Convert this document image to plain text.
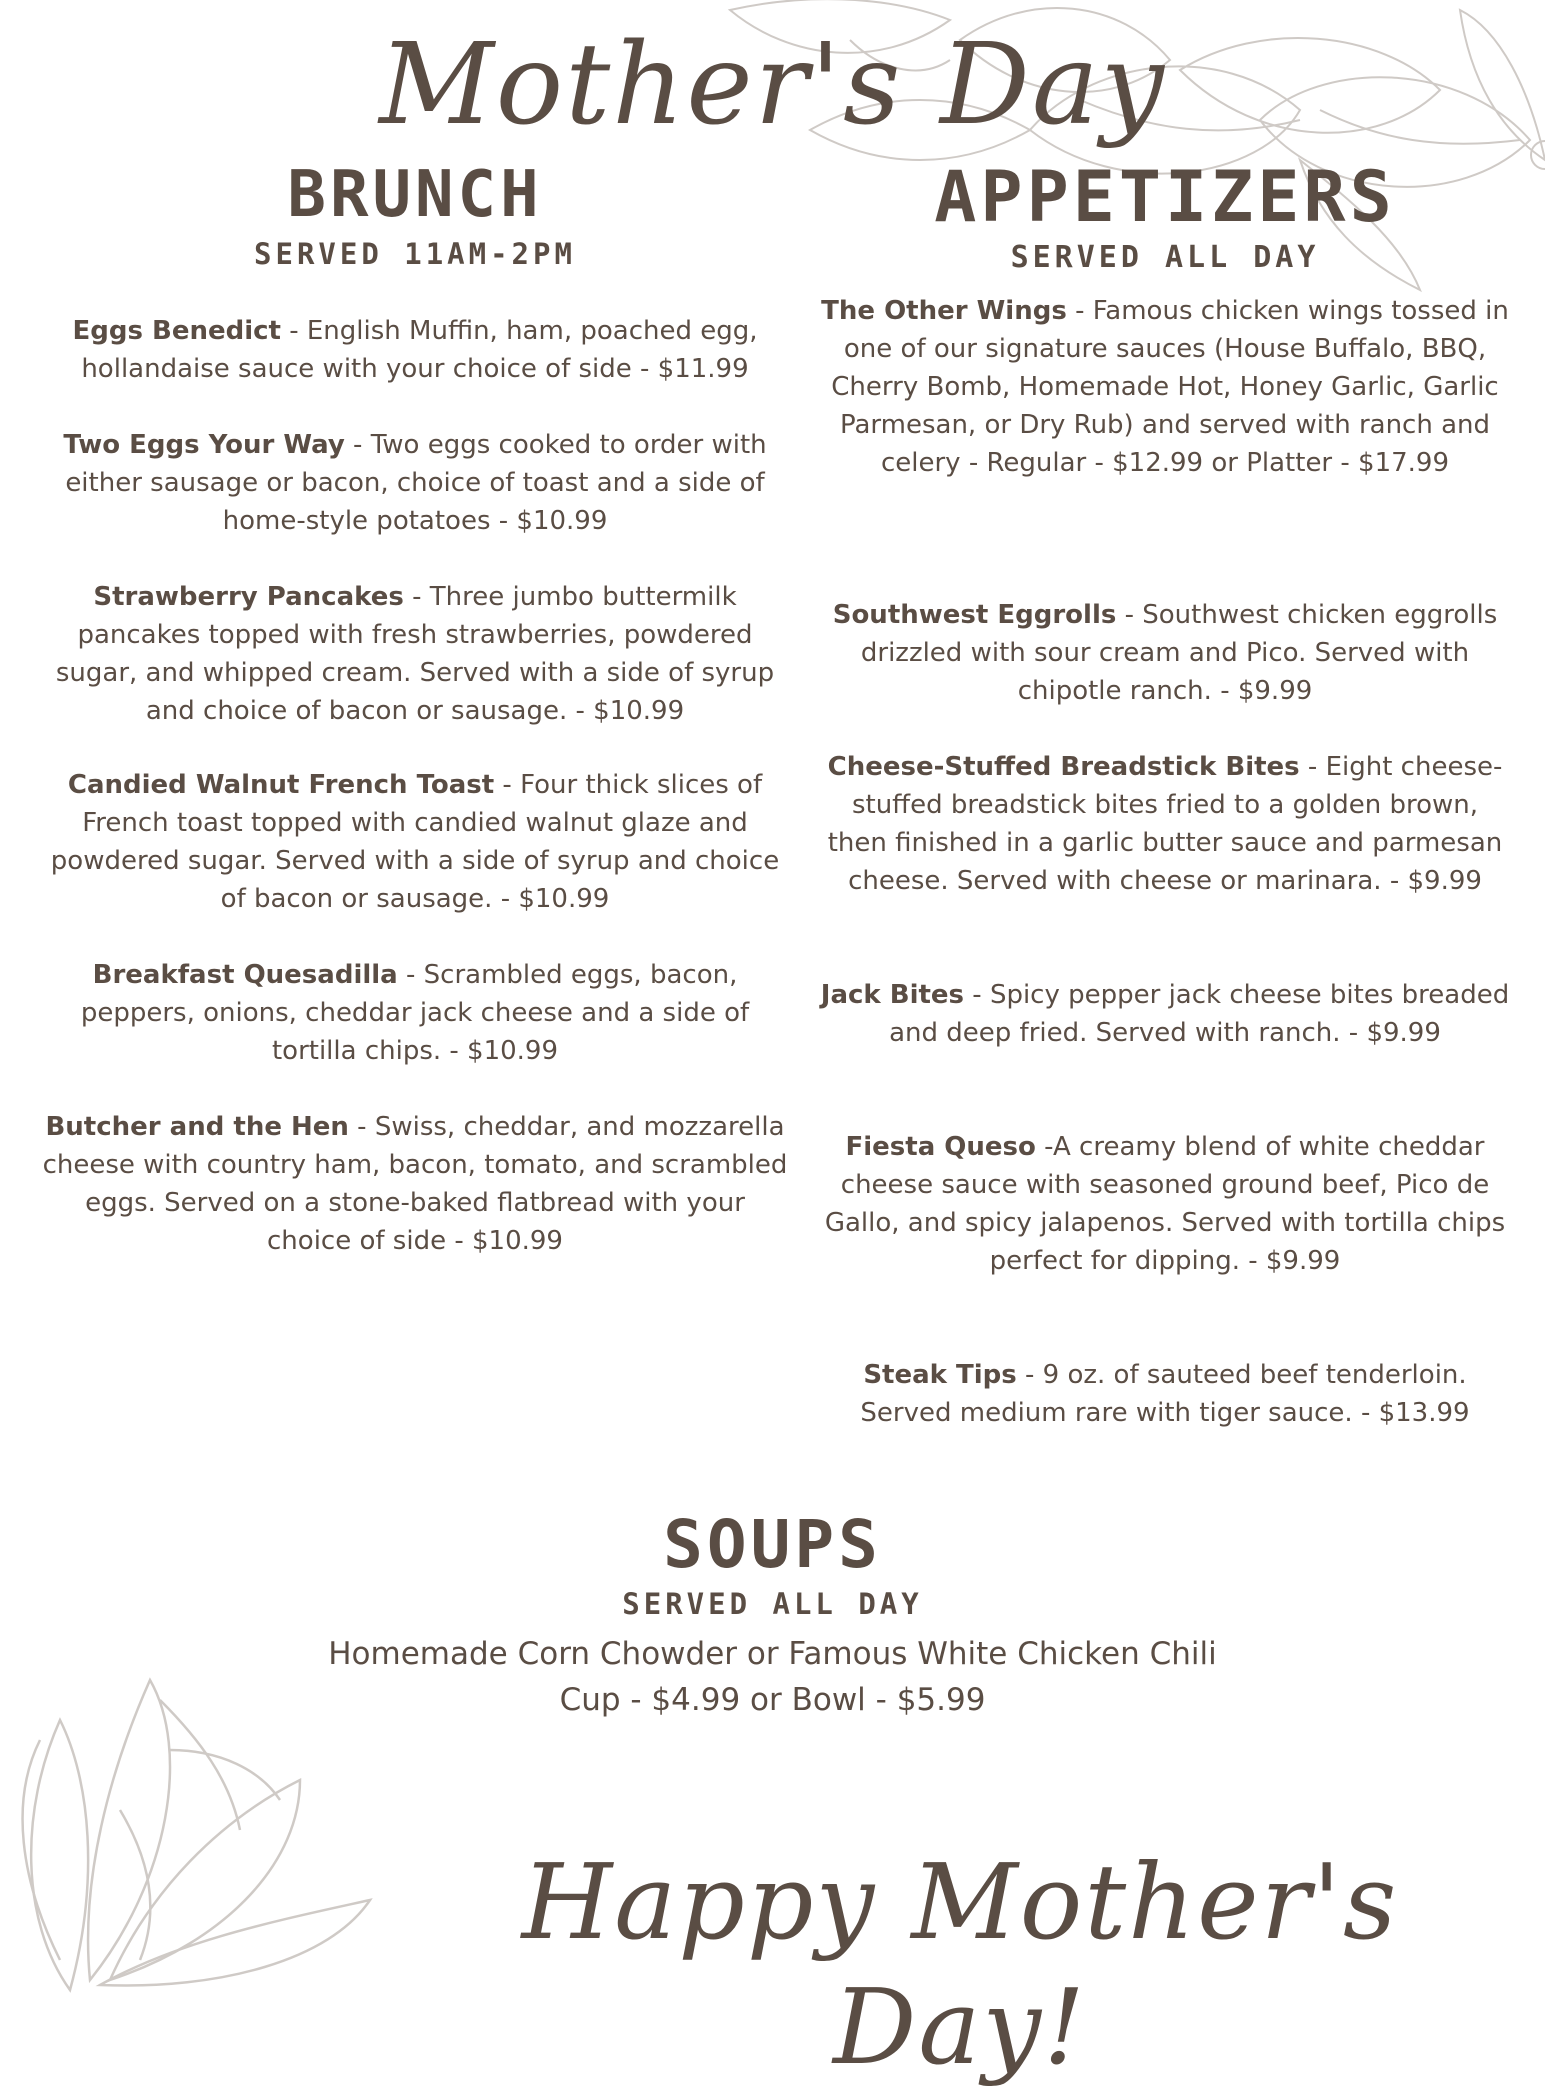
Mother's Day
BRUNCH
SERVED 11AM-2PM

Eggs Benedict - English Muffin, ham, poached egg, hollandaise sauce with your choice of side - $11.99

Two Eggs Your Way - Two eggs cooked to order with either sausage or bacon, choice of toast and a side of home-style potatoes - $10.99

Strawberry Pancakes - Three jumbo buttermilk pancakes topped with fresh strawberries, powdered sugar, and whipped cream. Served with a side of syrup and choice of bacon or sausage. - $10.99

Candied Walnut French Toast - Four thick slices of French toast topped with candied walnut glaze and powdered sugar. Served with a side of syrup and choice of bacon or sausage. - $10.99

Breakfast Quesadilla - Scrambled eggs, bacon, peppers, onions, cheddar jack cheese and a side of tortilla chips. - $10.99

Butcher and the Hen - Swiss, cheddar, and mozzarella cheese with country ham, bacon, tomato, and scrambled eggs. Served on a stone-baked flatbread with your choice of side - $10.99

APPETIZERS
SERVED ALL DAY

The Other Wings - Famous chicken wings tossed in one of our signature sauces (House Buffalo, BBQ, Cherry Bomb, Homemade Hot, Honey Garlic, Garlic Parmesan, or Dry Rub) and served with ranch and celery - Regular - $12.99 or Platter - $17.99

Southwest Eggrolls - Southwest chicken eggrolls drizzled with sour cream and Pico. Served with chipotle ranch. - $9.99

Cheese-Stuffed Breadstick Bites - Eight cheese-stuffed breadstick bites fried to a golden brown, then finished in a garlic butter sauce and parmesan cheese. Served with cheese or marinara. - $9.99

Jack Bites - Spicy pepper jack cheese bites breaded and deep fried. Served with ranch. - $9.99

Fiesta Queso -A creamy blend of white cheddar cheese sauce with seasoned ground beef, Pico de Gallo, and spicy jalapenos. Served with tortilla chips perfect for dipping. - $9.99

Steak Tips - 9 oz. of sauteed beef tenderloin. Served medium rare with tiger sauce. - $13.99

SOUPS
SERVED ALL DAY

Homemade Corn Chowder or Famous White Chicken Chili

Cup - $4.99 or Bowl - $5.99

Happy Mother's Day!
